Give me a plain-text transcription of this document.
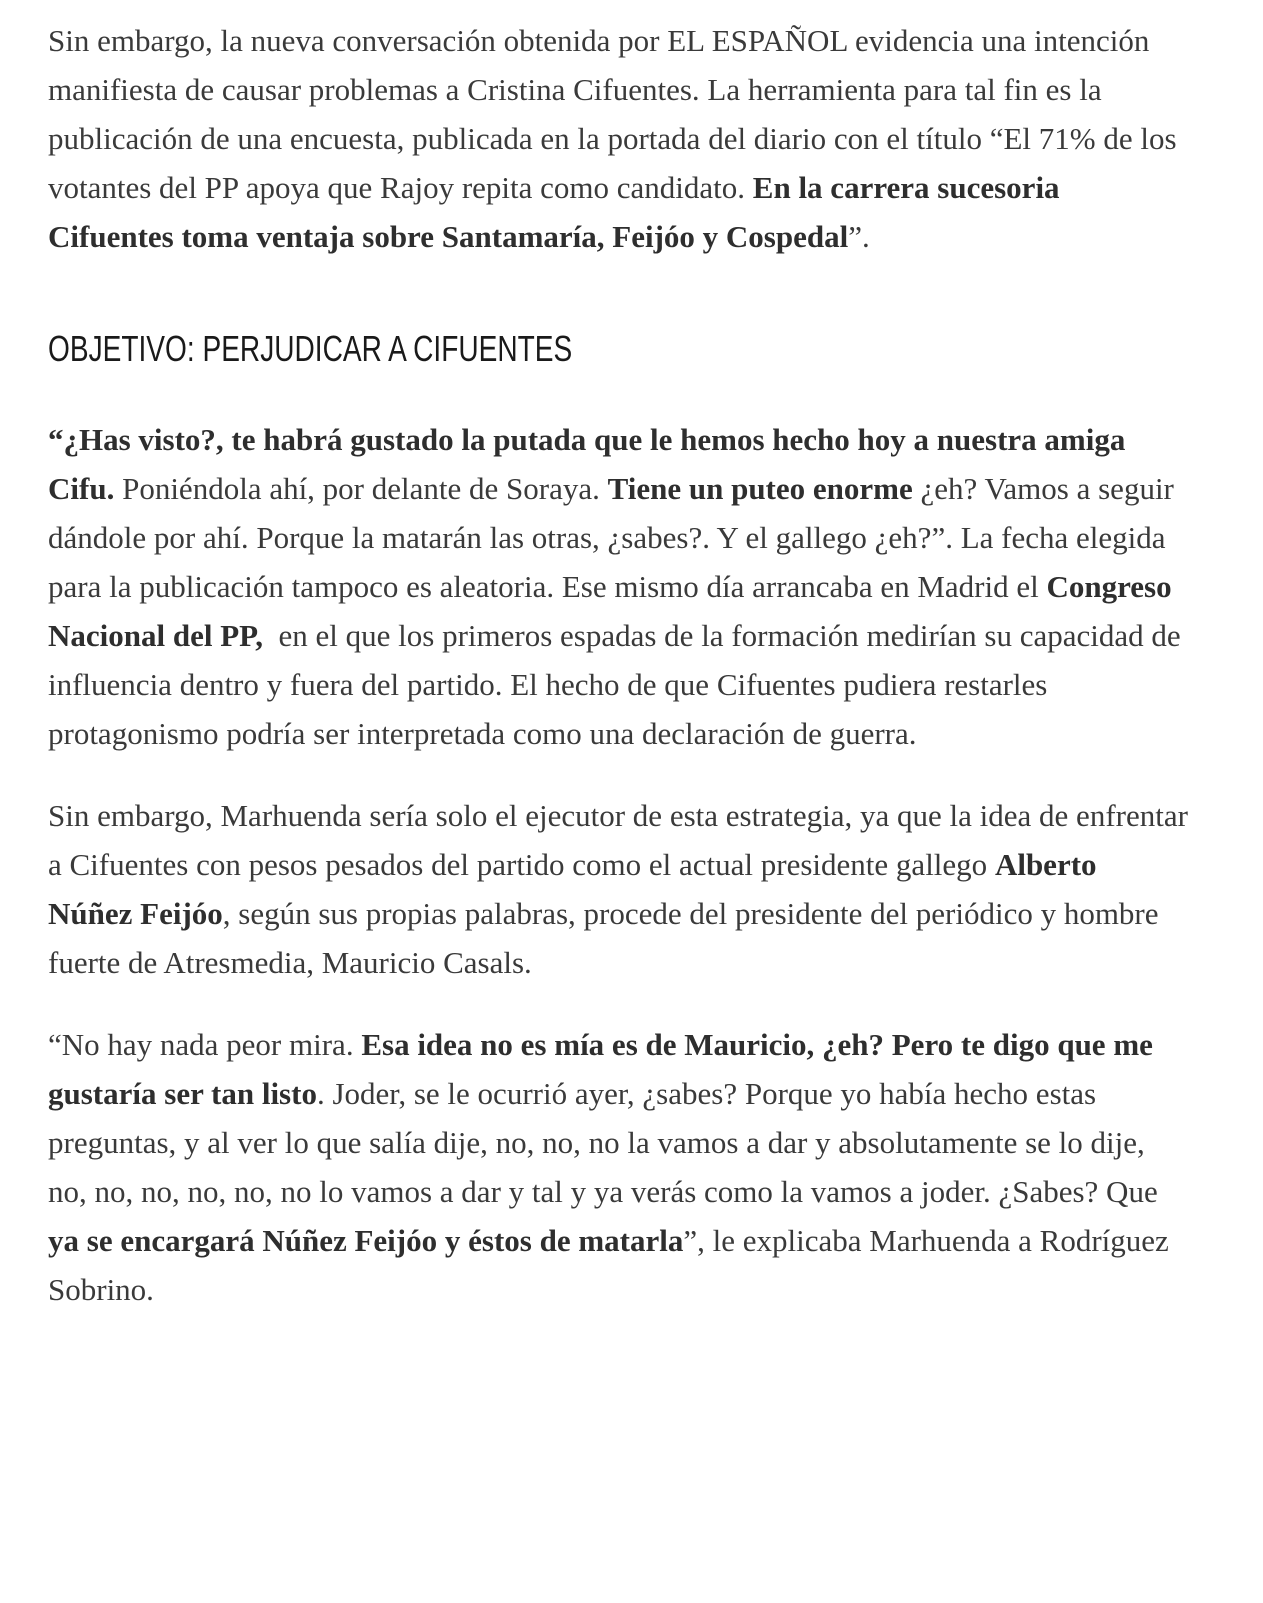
Sin embargo, la nueva conversación obtenida por EL ESPAÑOL evidencia una intención manifiesta de causar problemas a Cristina Cifuentes. La herramienta para tal fin es la publicación de una encuesta, publicada en la portada del diario con el título “El 71% de los votantes del PP apoya que Rajoy repita como candidato. En la carrera sucesoria Cifuentes toma ventaja sobre Santamaría, Feijóo y Cospedal”.

OBJETIVO: PERJUDICAR A CIFUENTES

“¿Has visto?, te habrá gustado la putada que le hemos hecho hoy a nuestra amiga Cifu. Poniéndola ahí, por delante de Soraya. Tiene un puteo enorme ¿eh? Vamos a seguir dándole por ahí. Porque la matarán las otras, ¿sabes?. Y el gallego ¿eh?”. La fecha elegida para la publicación tampoco es aleatoria. Ese mismo día arrancaba en Madrid el Congreso Nacional del PP,  en el que los primeros espadas de la formación medirían su capacidad de influencia dentro y fuera del partido. El hecho de que Cifuentes pudiera restarles protagonismo podría ser interpretada como una declaración de guerra.

Sin embargo, Marhuenda sería solo el ejecutor de esta estrategia, ya que la idea de enfrentar a Cifuentes con pesos pesados del partido como el actual presidente gallego Alberto Núñez Feijóo, según sus propias palabras, procede del presidente del periódico y hombre fuerte de Atresmedia, Mauricio Casals.

“No hay nada peor mira. Esa idea no es mía es de Mauricio, ¿eh? Pero te digo que me gustaría ser tan listo. Joder, se le ocurrió ayer, ¿sabes? Porque yo había hecho estas preguntas, y al ver lo que salía dije, no, no, no la vamos a dar y absolutamente se lo dije, no, no, no, no, no, no lo vamos a dar y tal y ya verás como la vamos a joder. ¿Sabes? Que ya se encargará Núñez Feijóo y éstos de matarla”, le explicaba Marhuenda a Rodríguez Sobrino.
